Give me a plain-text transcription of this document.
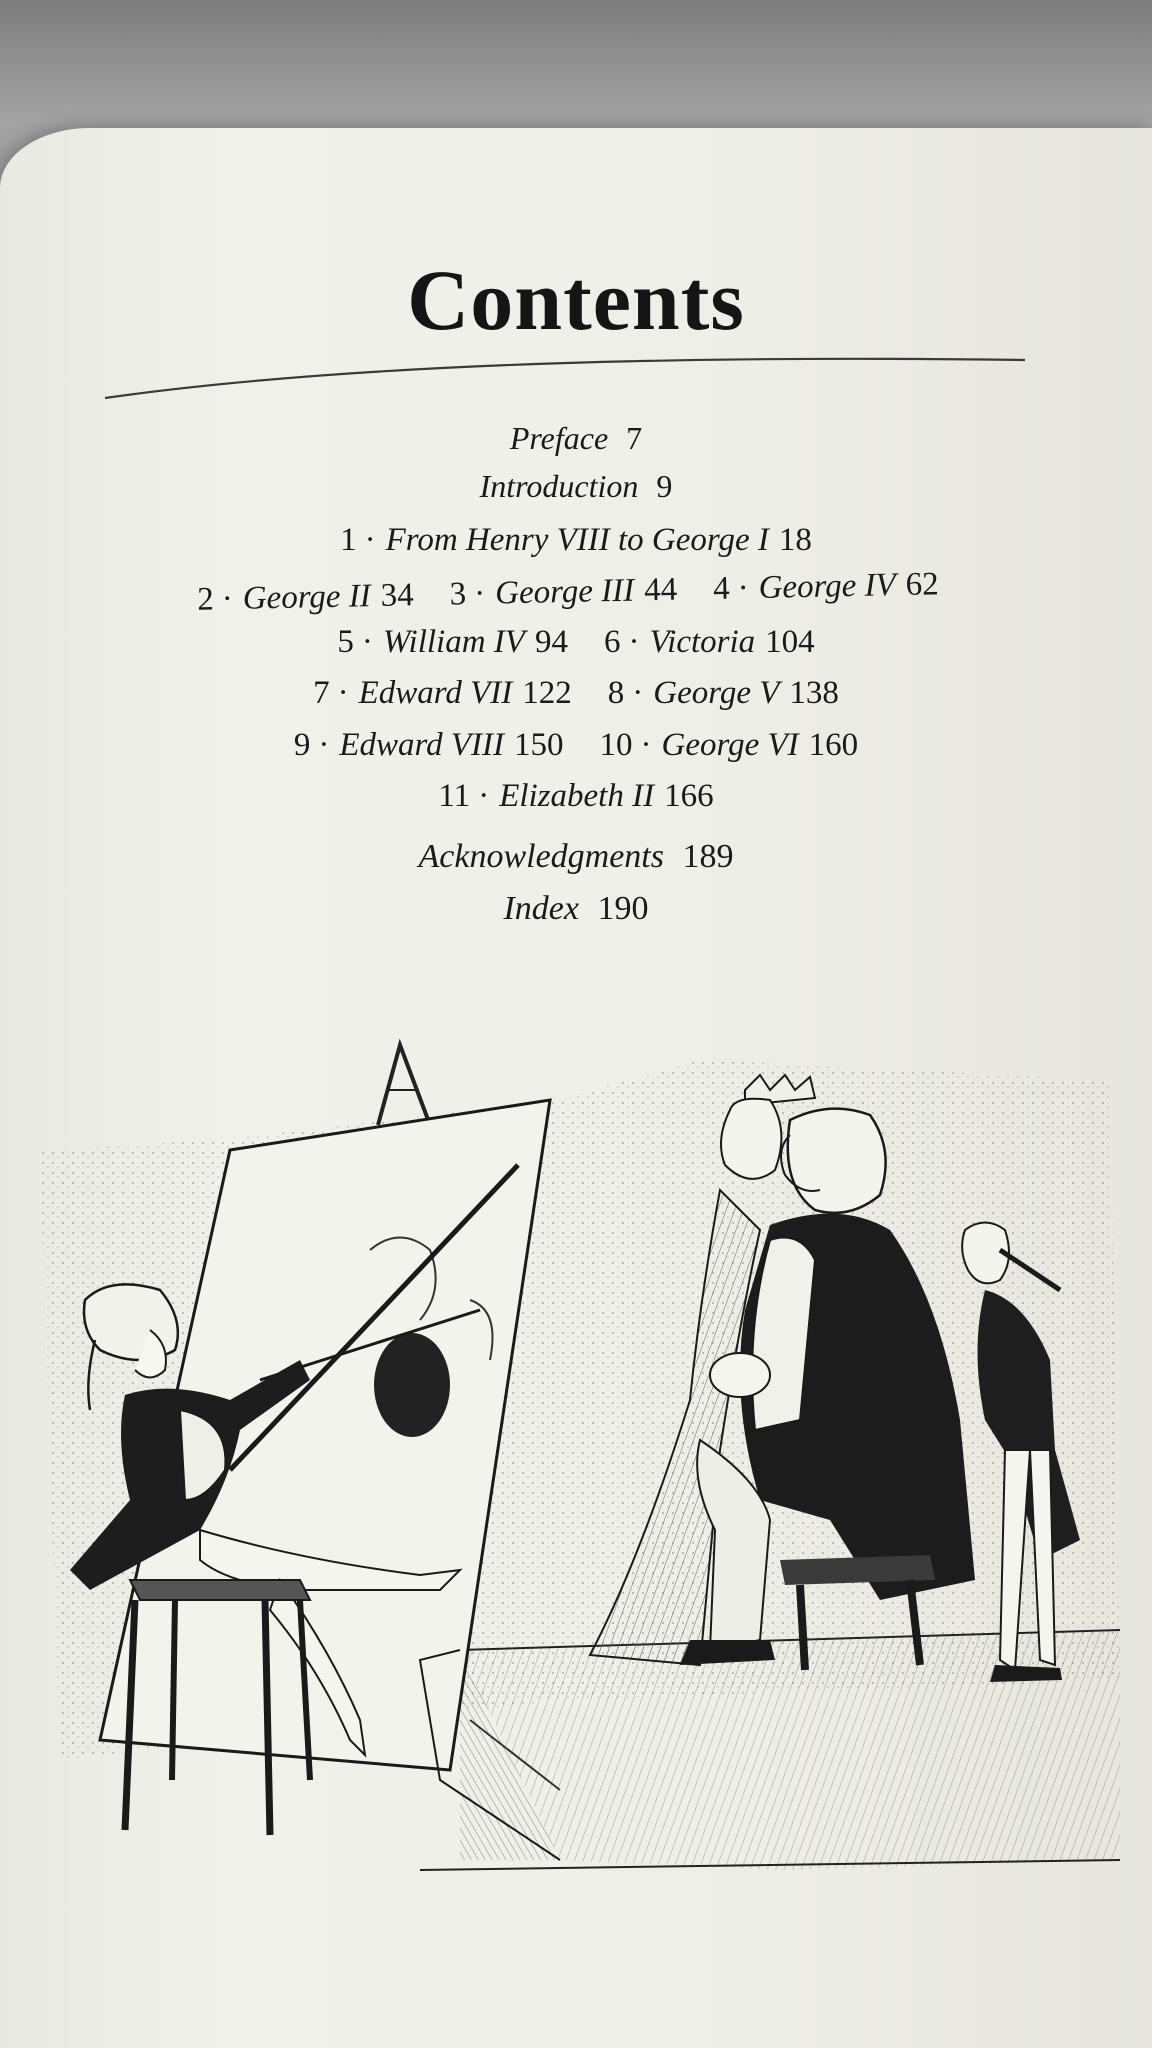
Contents
Preface 7
Introduction 9
1 · From Henry VIII to George I 18
2 · George II 34 3 · George III 44 4 · George IV 62
5 · William IV 94 6 · Victoria 104
7 · Edward VII 122 8 · George V 138
9 · Edward VIII 150 10 · George VI 160
11 · Elizabeth II 166
Acknowledgments 189
Index 190
